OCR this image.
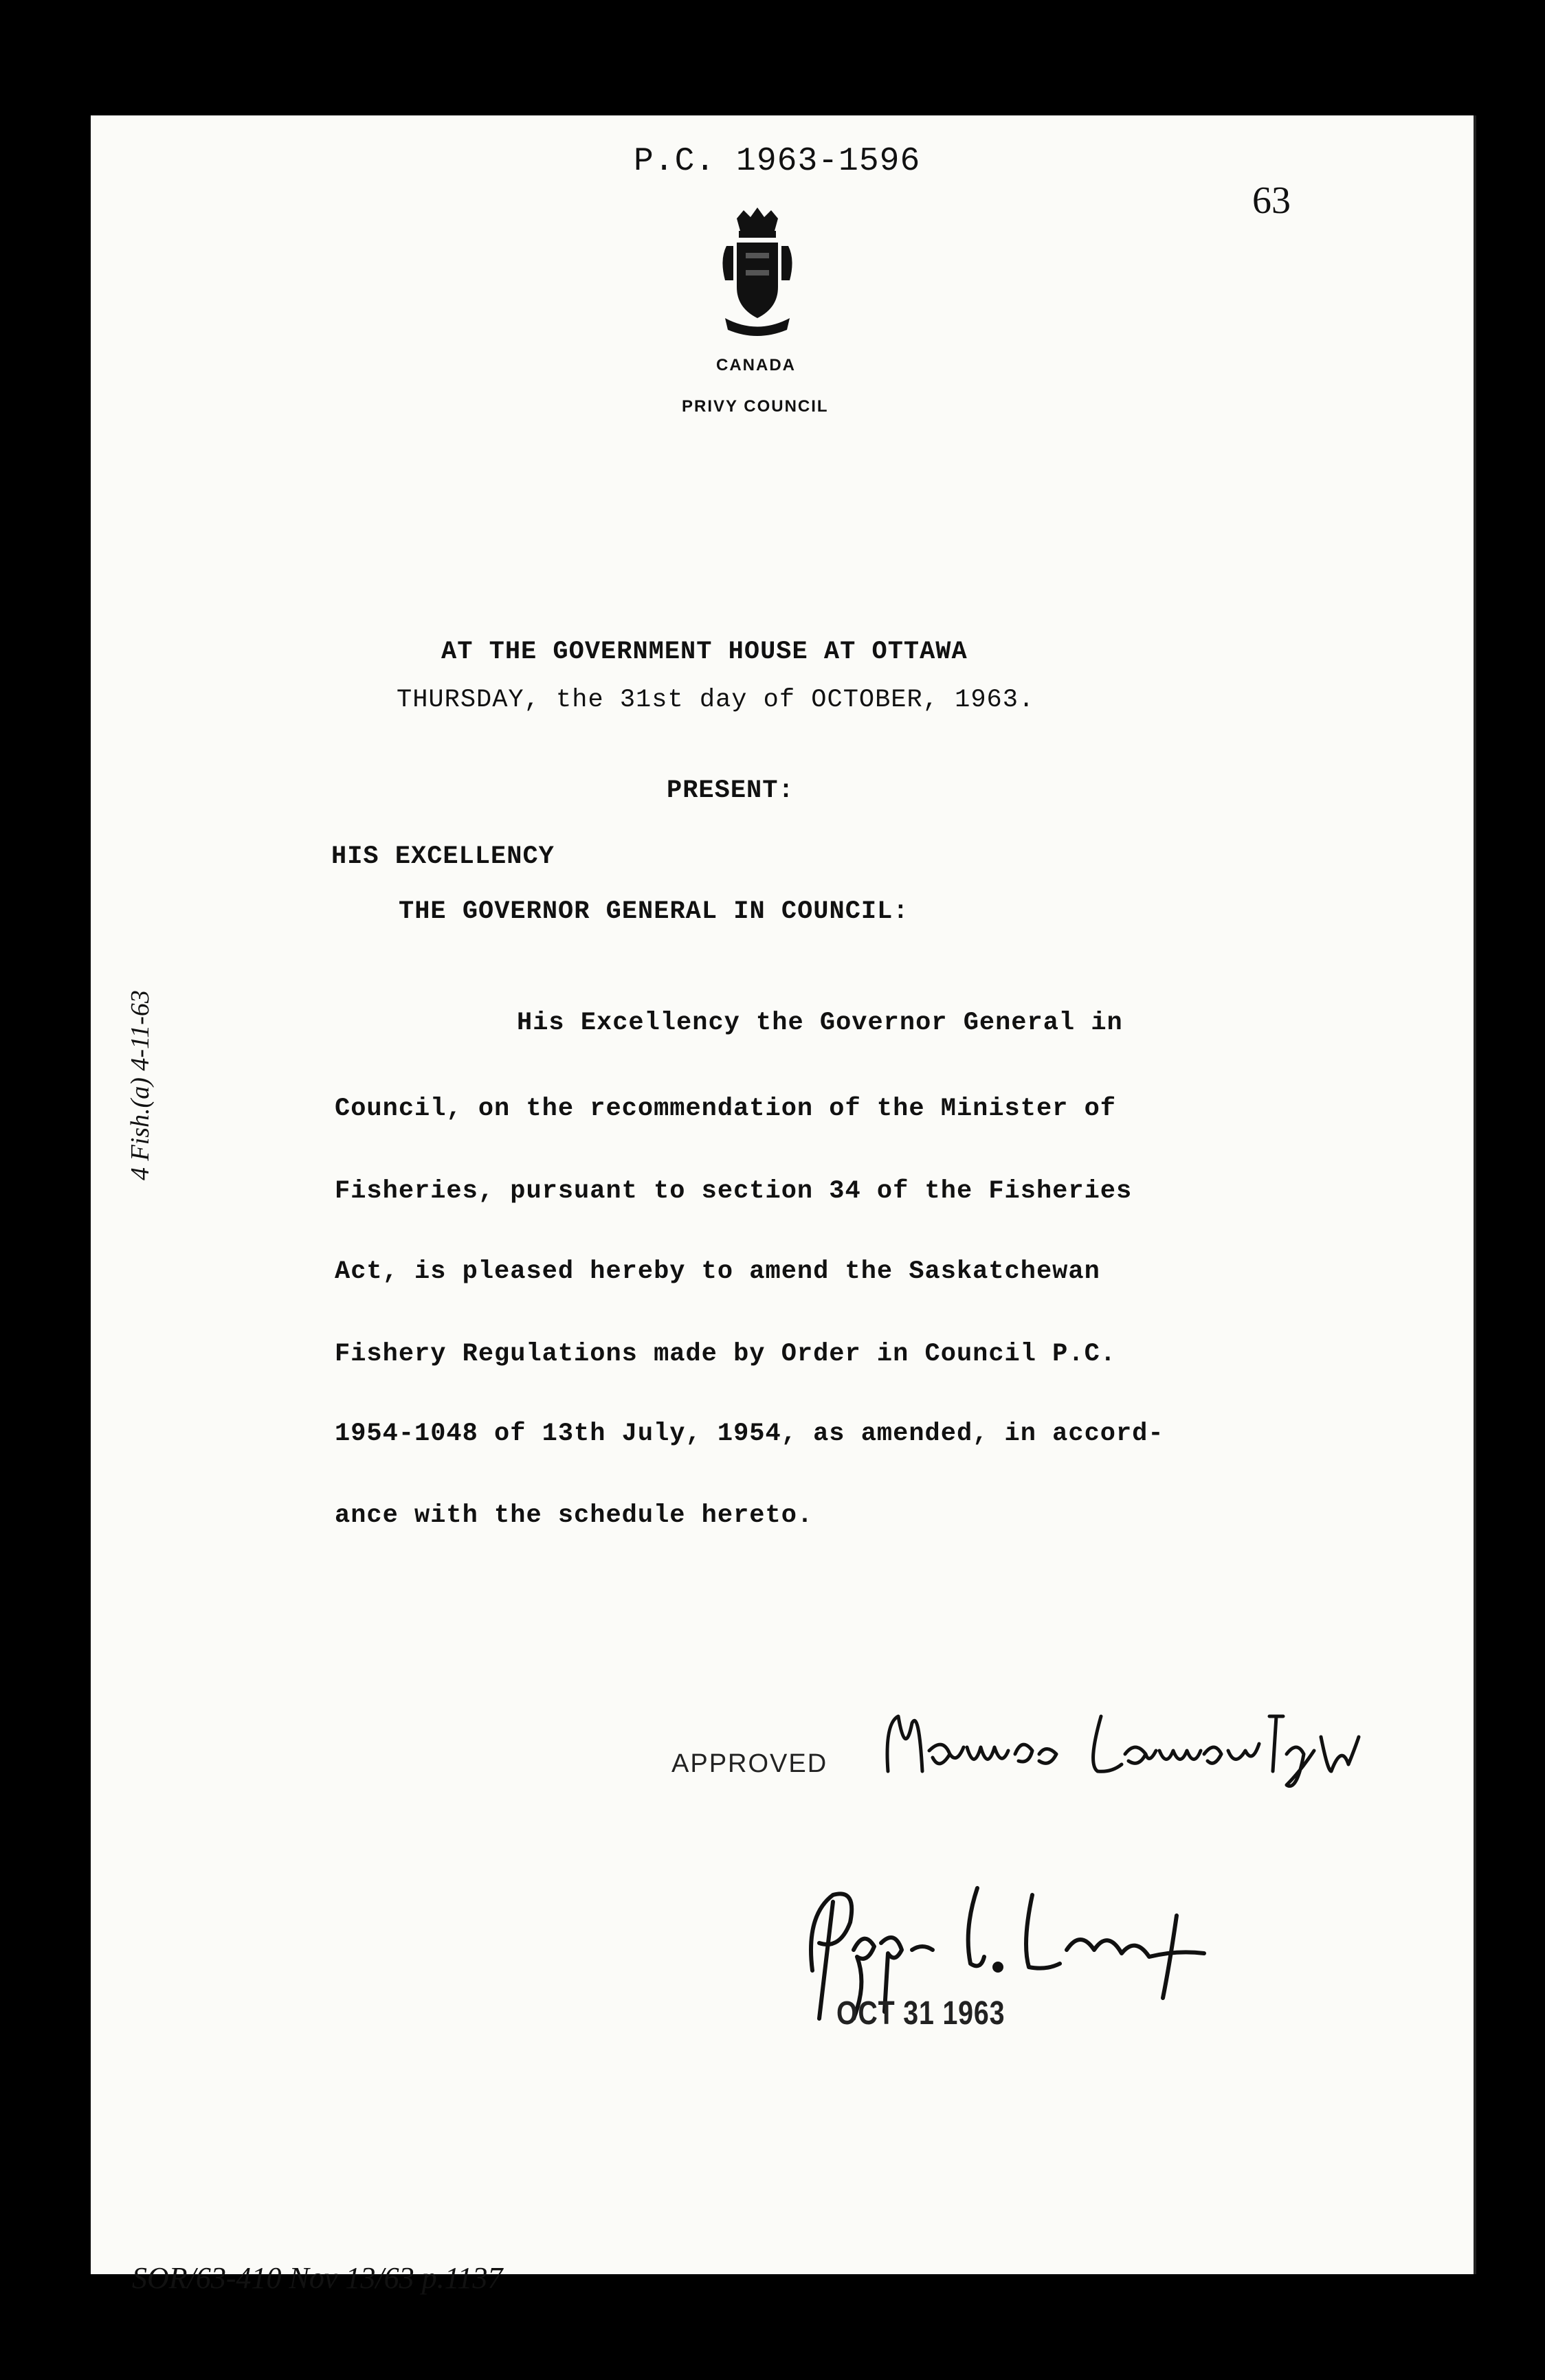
P.C. 1963-1596
63
CANADA
PRIVY COUNCIL
AT THE GOVERNMENT HOUSE AT OTTAWA
THURSDAY, the 31st day of OCTOBER, 1963.
PRESENT:
HIS EXCELLENCY
THE GOVERNOR GENERAL IN COUNCIL:
His Excellency the Governor General in
Council, on the recommendation of the Minister of
Fisheries, pursuant to section 34 of the Fisheries
Act, is pleased hereby to amend the Saskatchewan
Fishery Regulations made by Order in Council P.C.
1954-1048 of 13th July, 1954, as amended, in accord-
ance with the schedule hereto.
APPROVED
OCT 31 1963
4 Fish.(a) 4-11-63
SOR/63-410 Nov 13/63 p.1137
